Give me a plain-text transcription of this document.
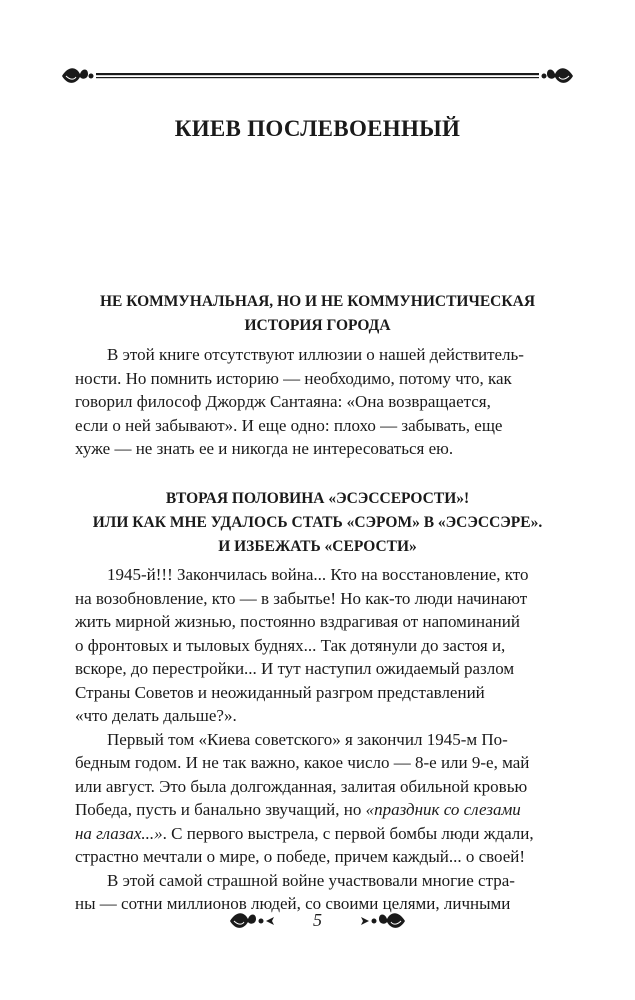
КИЕВ ПОСЛЕВОЕННЫЙ
НЕ КОММУНАЛЬНАЯ, НО И НЕ КОММУНИСТИЧЕСКАЯ
ИСТОРИЯ ГОРОДА
В этой книге отсутствуют иллюзии о нашей действитель-
ности. Но помнить историю — необходимо, потому что, как
говорил философ Джордж Сантаяна: «Она возвращается,
если о ней забывают». И еще одно: плохо — забывать, еще
хуже — не знать ее и никогда не интересоваться ею.
ВТОРАЯ ПОЛОВИНА «ЭСЭССЕРОСТИ»!
ИЛИ КАК МНЕ УДАЛОСЬ СТАТЬ «СЭРОМ» В «ЭСЭССЭРЕ».
И ИЗБЕЖАТЬ «СЕРОСТИ»
1945-й!!! Закончилась война... Кто на восстановление, кто
на возобновление, кто — в забытье! Но как-то люди начинают
жить мирной жизнью, постоянно вздрагивая от напоминаний
о фронтовых и тыловых буднях... Так дотянули до застоя и,
вскоре, до перестройки... И тут наступил ожидаемый разлом
Страны Советов и неожиданный разгром представлений
«что делать дальше?».
Первый том «Киева советского» я закончил 1945-м По-
бедным годом. И не так важно, какое число — 8-е или 9-е, май
или август. Это была долгожданная, залитая обильной кровью
Победа, пусть и банально звучащий, но «праздник со слезами
на глазах...». С первого выстрела, с первой бомбы люди ждали,
страстно мечтали о мире, о победе, причем каждый... о своей!
В этой самой страшной войне участвовали многие стра-
ны — сотни миллионов людей, со своими целями, личными
5
